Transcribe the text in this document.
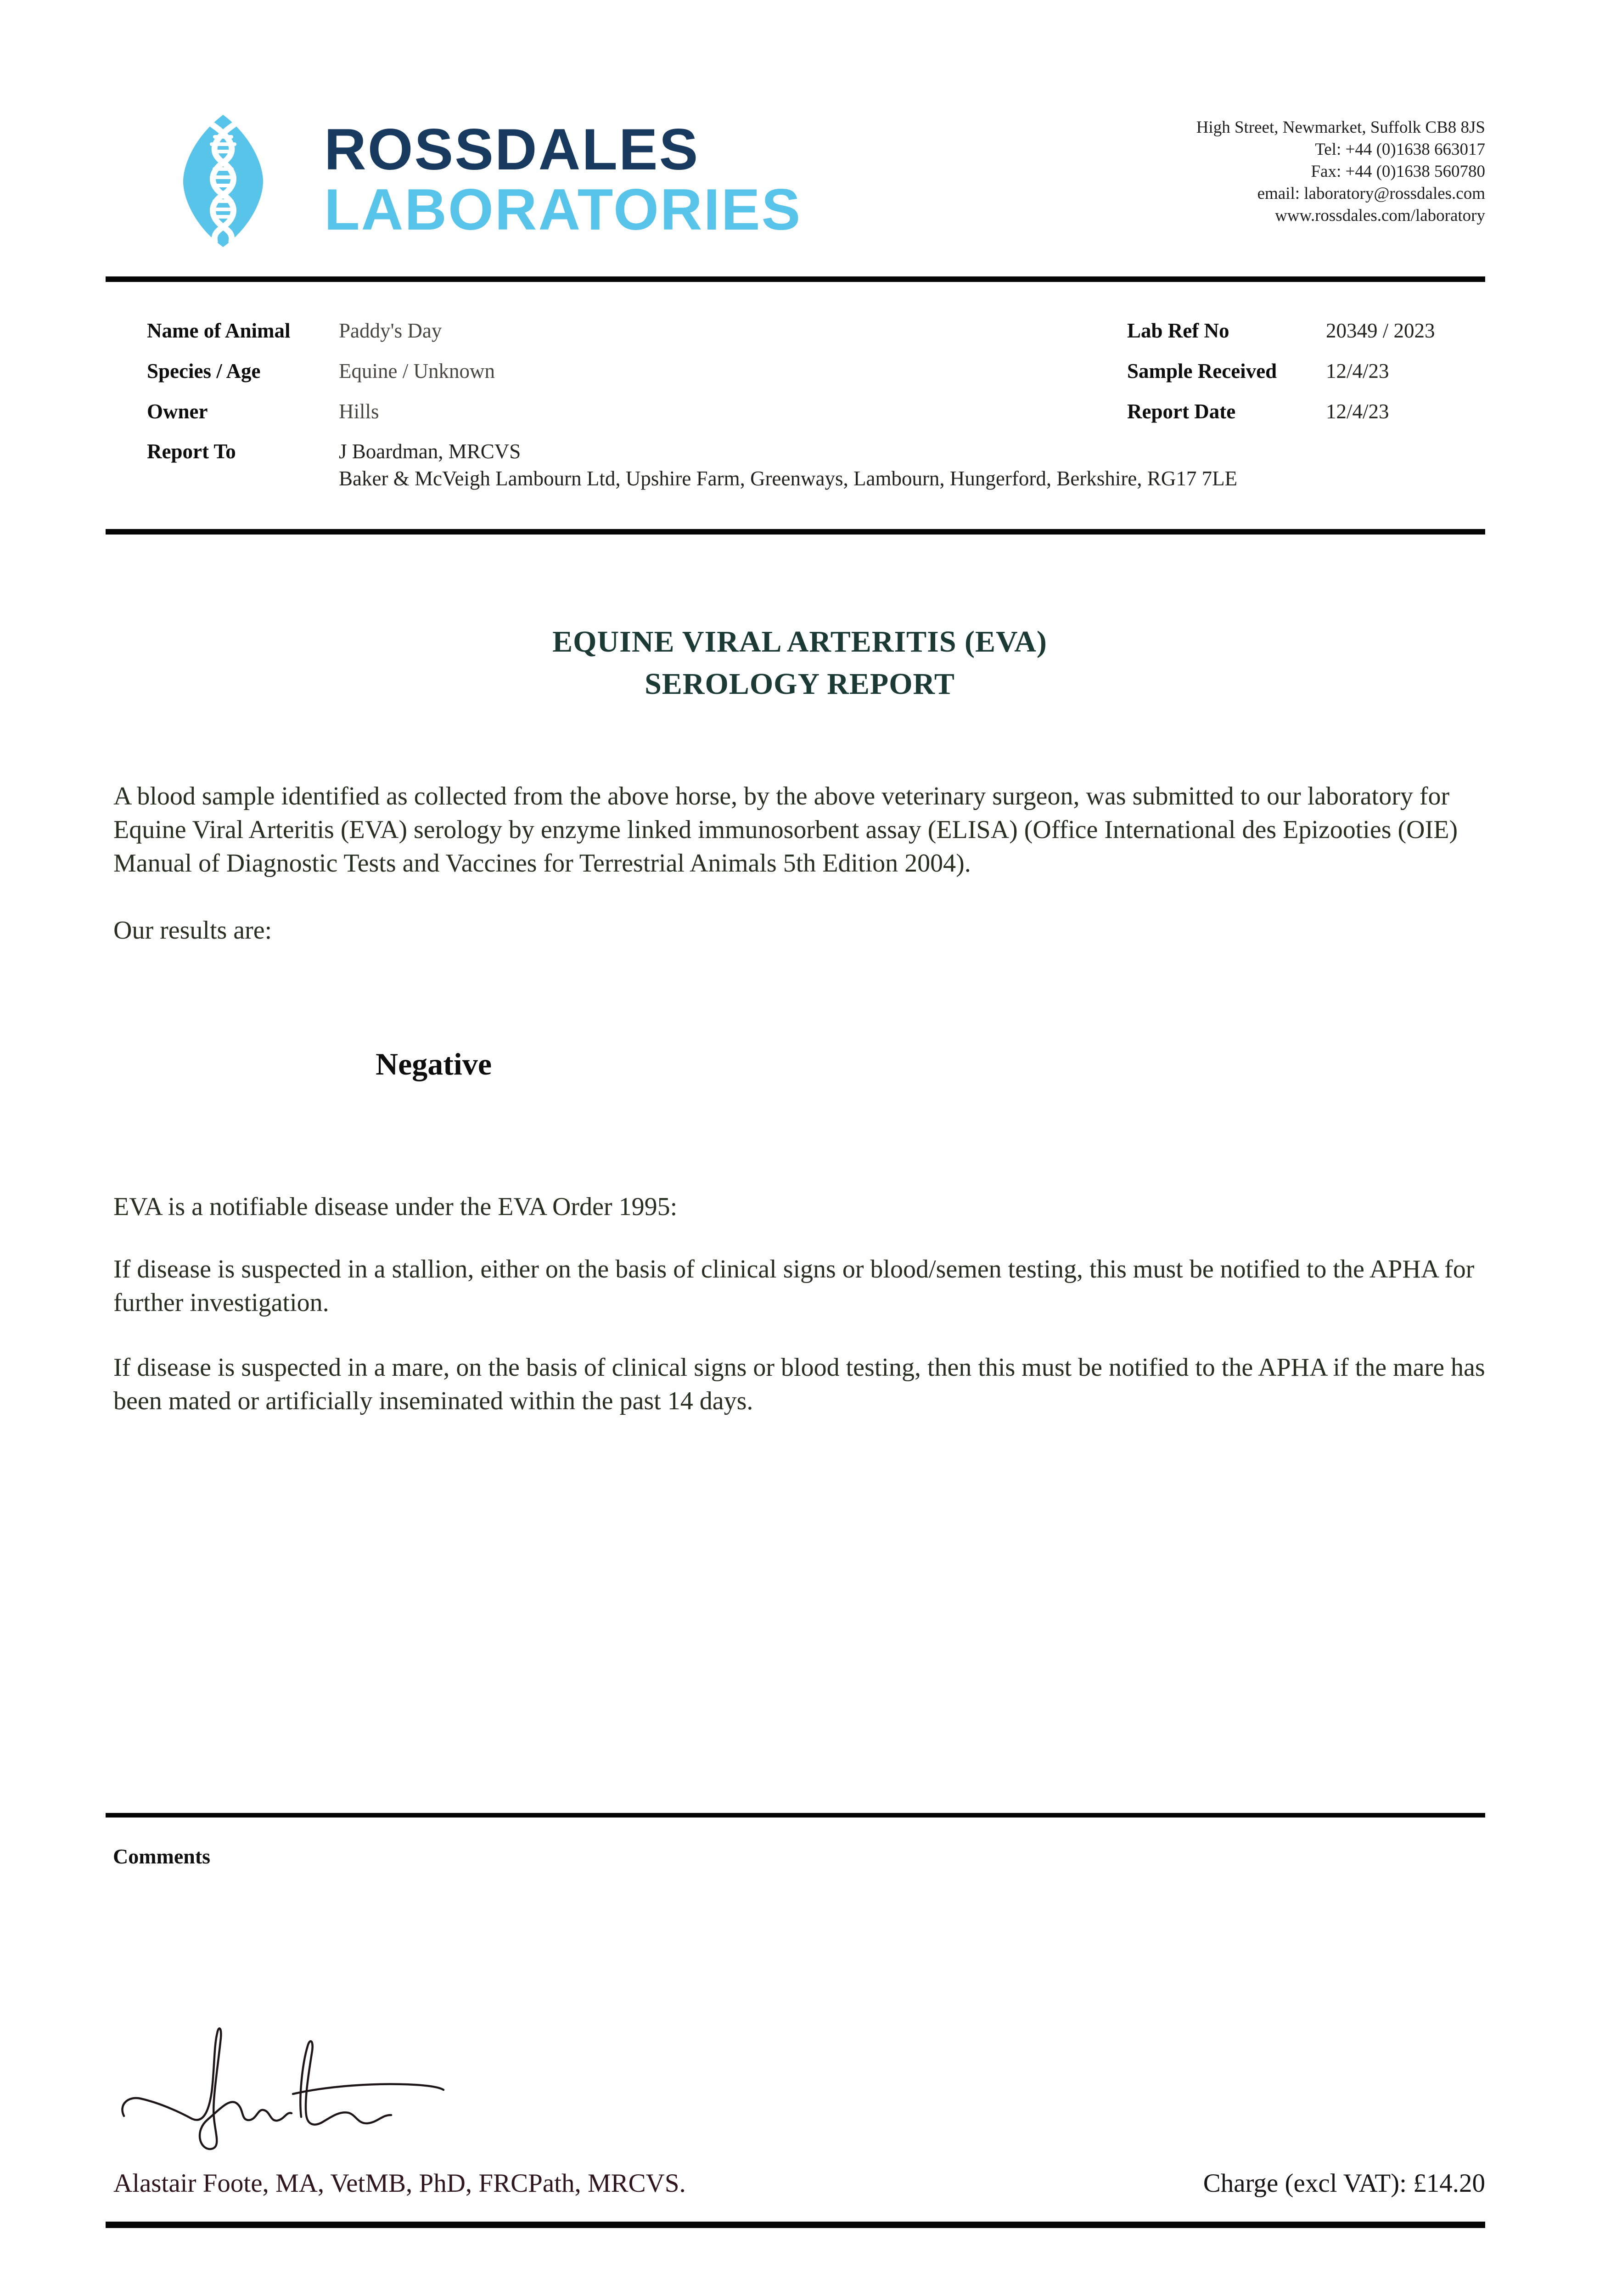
ROSSDALES
LABORATORIES
High Street, Newmarket, Suffolk CB8 8JS
Tel: +44 (0)1638 663017
Fax: +44 (0)1638 560780
email: laboratory@rossdales.com
www.rossdales.com/laboratory
Name of Animal Paddy's Day	Lab Ref No	20349 / 2023
Species / Age	Equine / Unknown	Sample Received 12/4/23
Owner	Hills	Report Date	12/4/23
Report To	J Boardman, MRCVS
Baker & McVeigh Lambourn Ltd, Upshire Farm, Greenways, Lambourn, Hungerford, Berkshire, RG17 7LE
EQUINE VIRAL ARTERITIS (EVA)
SEROLOGY REPORT
A blood sample identified as collected from the above horse, by the above veterinary surgeon, was submitted to our laboratory for Equine Viral Arteritis (EVA) serology by enzyme linked immunosorbent assay (ELISA) (Office International des Epizooties (OIE) Manual of Diagnostic Tests and Vaccines for Terrestrial Animals 5th Edition 2004).
Our results are:
Negative
EVA is a notifiable disease under the EVA Order 1995:
If disease is suspected in a stallion, either on the basis of clinical signs or blood/semen testing, this must be notified to the APHA for further investigation.
If disease is suspected in a mare, on the basis of clinical signs or blood testing, then this must be notified to the APHA if the mare has been mated or artificially inseminated within the past 14 days.
Comments
Alastair Foote, MA, VetMB, PhD, FRCPath, MRCVS.	Charge (excl VAT): £14.20
